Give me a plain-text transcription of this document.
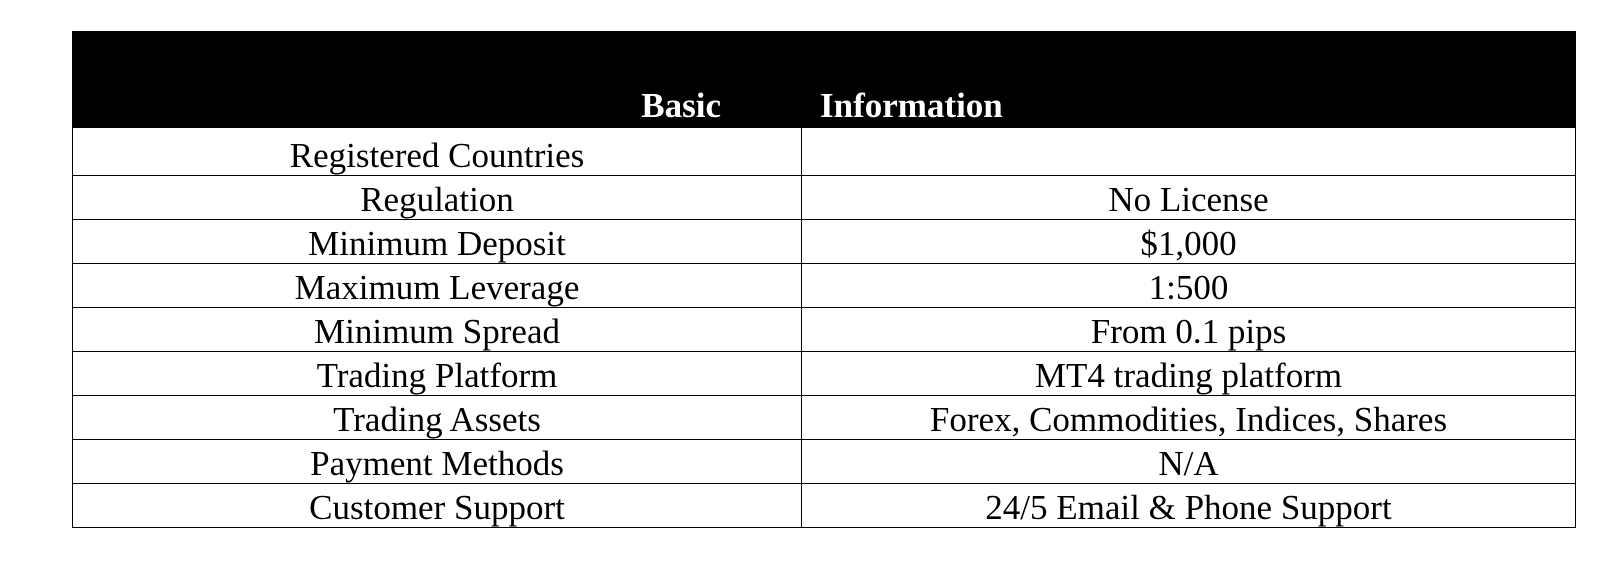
Basic	Information
Registered Countries	
Regulation	No License
Minimum Deposit	$1,000
Maximum Leverage	1:500
Minimum Spread	From 0.1 pips
Trading Platform	MT4 trading platform
Trading Assets	Forex, Commodities, Indices, Shares
Payment Methods	N/A
Customer Support	24/5 Email & Phone Support
